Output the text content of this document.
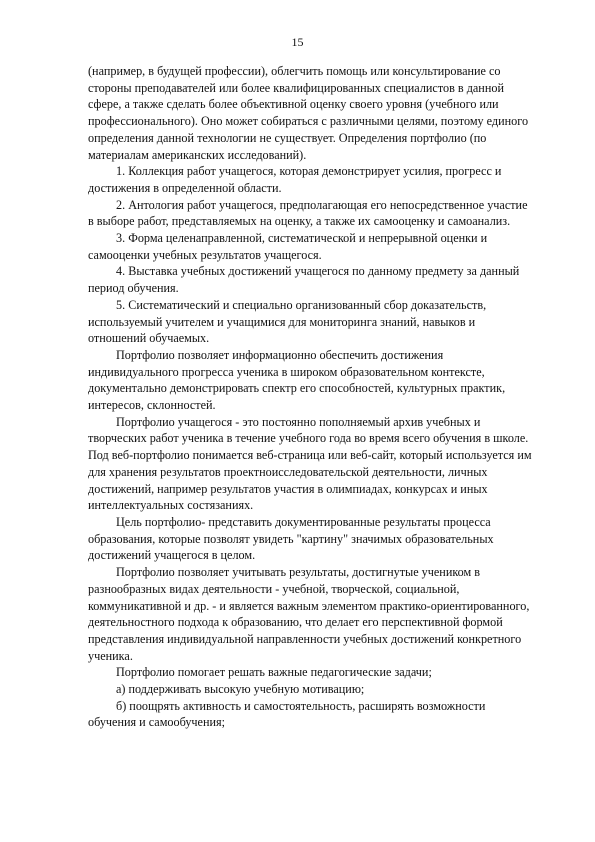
15

(например, в будущей профессии), облегчить помощь или консультирование со стороны преподавателей или более квалифицированных специалистов в данной сфере, а также сделать более объективной оценку своего уровня (учебного или профессионального). Оно может собираться с различными целями, поэтому единого определения данной технологии не существует. Определения портфолио (по материалам американских исследований).

1. Коллекция работ учащегося, которая демонстрирует усилия, прогресс и достижения в определенной области.

2. Антология работ учащегося, предполагающая его непосредственное участие в выборе работ, представляемых на оценку, а также их самооценку и самоанализ.

3. Форма целенаправленной, систематической и непрерывной оценки и самооценки учебных результатов учащегося.

4. Выставка учебных достижений учащегося по данному предмету за данный период обучения.

5. Систематический и специально организованный сбор доказательств, используемый учителем и учащимися для мониторинга знаний, навыков и отношений обучаемых.

Портфолио позволяет информационно обеспечить достижения индивидуального прогресса ученика в широком образовательном контексте, документально демонстрировать спектр его способностей, культурных практик, интересов, склонностей.

Портфолио учащегося - это постоянно пополняемый архив учебных и творческих работ ученика в течение учебного года во время всего обучения в школе. Под веб-портфолио понимается веб-страница или веб-сайт, который используется им для хранения результатов проектноисследовательской деятельности, личных достижений, например результатов участия в олимпиадах, конкурсах и иных интеллектуальных состязаниях.

Цель портфолио- представить документированные результаты процесса образования, которые позволят увидеть "картину" значимых образовательных достижений учащегося в целом.

Портфолио позволяет учитывать результаты, достигнутые учеником в разнообразных видах деятельности - учебной, творческой, социальной, коммуникативной и др. - и является важным элементом практико-ориентированного, деятельностного подхода к образованию, что делает его перспективной формой представления индивидуальной направленности учебных достижений конкретного ученика.

Портфолио помогает решать важные педагогические задачи;

а) поддерживать высокую учебную мотивацию;

б) поощрять активность и самостоятельность, расширять возможности обучения и самообучения;
